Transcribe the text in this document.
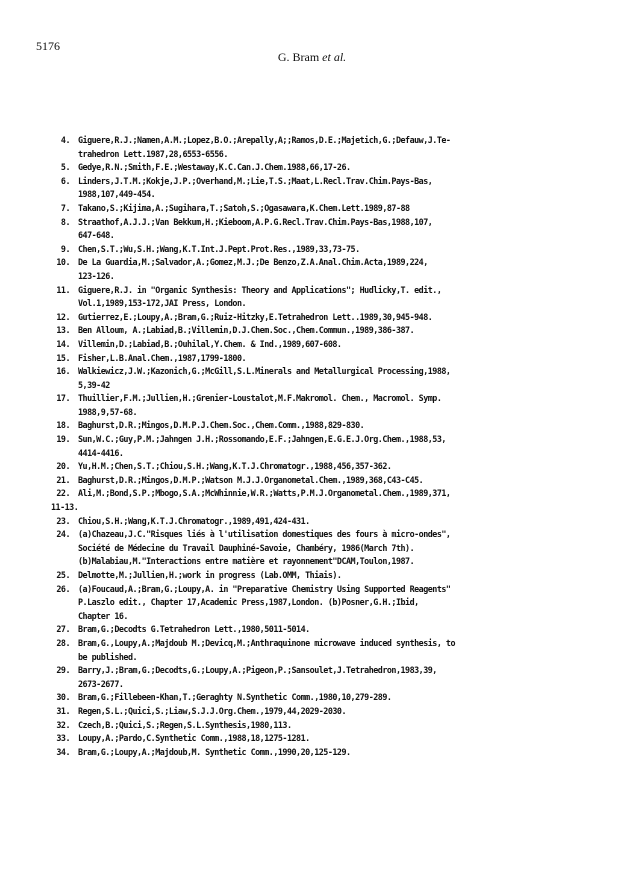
5176
G. Bram et al.
4. Giguere,R.J.;Namen,A.M.;Lopez,B.O.;Arepally,A;;Ramos,D.E.;Majetich,G.;Defauw,J.Te-
trahedron Lett.1987,28,6553-6556.
5. Gedye,R.N.;Smith,F.E.;Westaway,K.C.Can.J.Chem.1988,66,17-26.
6. Linders,J.T.M.;Kokje,J.P.;Overhand,M.;Lie,T.S.;Maat,L.Recl.Trav.Chim.Pays-Bas,
1988,107,449-454.
7. Takano,S.;Kijima,A.;Sugihara,T.;Satoh,S.;Ogasawara,K.Chem.Lett.1989,87-88
8. Straathof,A.J.J.;Van Bekkum,H.;Kieboom,A.P.G.Recl.Trav.Chim.Pays-Bas,1988,107,
647-648.
9. Chen,S.T.;Wu,S.H.;Wang,K.T.Int.J.Pept.Prot.Res.,1989,33,73-75.
10. De La Guardia,M.;Salvador,A.;Gomez,M.J.;De Benzo,Z.A.Anal.Chim.Acta,1989,224,
123-126.
11. Giguere,R.J. in "Organic Synthesis: Theory and Applications"; Hudlicky,T. edit.,
Vol.1,1989,153-172,JAI Press, London.
12. Gutierrez,E.;Loupy,A.;Bram,G.;Ruiz-Hitzky,E.Tetrahedron Lett..1989,30,945-948.
13. Ben Alloum, A.;Labiad,B.;Villemin,D.J.Chem.Soc.,Chem.Commun.,1989,386-387.
14. Villemin,D.;Labiad,B.;Ouhilal,Y.Chem. & Ind.,1989,607-608.
15. Fisher,L.B.Anal.Chem.,1987,1799-1800.
16. Walkiewicz,J.W.;Kazonich,G.;McGill,S.L.Minerals and Metallurgical Processing,1988,
5,39-42
17. Thuillier,F.M.;Jullien,H.;Grenier-Loustalot,M.F.Makromol. Chem., Macromol. Symp.
1988,9,57-68.
18. Baghurst,D.R.;Mingos,D.M.P.J.Chem.Soc.,Chem.Comm.,1988,829-830.
19. Sun,W.C.;Guy,P.M.;Jahngen J.H.;Rossomando,E.F.;Jahngen,E.G.E.J.Org.Chem.,1988,53,
4414-4416.
20. Yu,H.M.;Chen,S.T.;Chiou,S.H.;Wang,K.T.J.Chromatogr.,1988,456,357-362.
21. Baghurst,D.R.;Mingos,D.M.P.;Watson M.J.J.Organometal.Chem.,1989,368,C43-C45.
22. Ali,M.;Bond,S.P.;Mbogo,S.A.;McWhinnie,W.R.;Watts,P.M.J.Organometal.Chem.,1989,371,
11-13.
23. Chiou,S.H.;Wang,K.T.J.Chromatogr.,1989,491,424-431.
24. (a)Chazeau,J.C."Risques liés à l'utilisation domestiques des fours à micro-ondes",
Société de Médecine du Travail Dauphiné-Savoie, Chambéry, 1986(March 7th).
(b)Malabiau,M."Interactions entre matière et rayonnement"DCAM,Toulon,1987.
25. Delmotte,M.;Jullien,H.;work in progress (Lab.OMM, Thiais).
26. (a)Foucaud,A.;Bram,G.;Loupy,A. in "Preparative Chemistry Using Supported Reagents"
P.Laszlo edit., Chapter 17,Academic Press,1987,London. (b)Posner,G.H.;Ibid,
Chapter 16.
27. Bram,G.;Decodts G.Tetrahedron Lett.,1980,5011-5014.
28. Bram,G.,Loupy,A.;Majdoub M.;Devicq,M.;Anthraquinone microwave induced synthesis, to
be published.
29. Barry,J.;Bram,G.;Decodts,G.;Loupy,A.;Pigeon,P.;Sansoulet,J.Tetrahedron,1983,39,
2673-2677.
30. Bram,G.;Fillebeen-Khan,T.;Geraghty N.Synthetic Comm.,1980,10,279-289.
31. Regen,S.L.;Quici,S.;Liaw,S.J.J.Org.Chem.,1979,44,2029-2030.
32. Czech,B.;Quici,S.;Regen,S.L.Synthesis,1980,113.
33. Loupy,A.;Pardo,C.Synthetic Comm.,1988,18,1275-1281.
34. Bram,G.;Loupy,A.;Majdoub,M. Synthetic Comm.,1990,20,125-129.
